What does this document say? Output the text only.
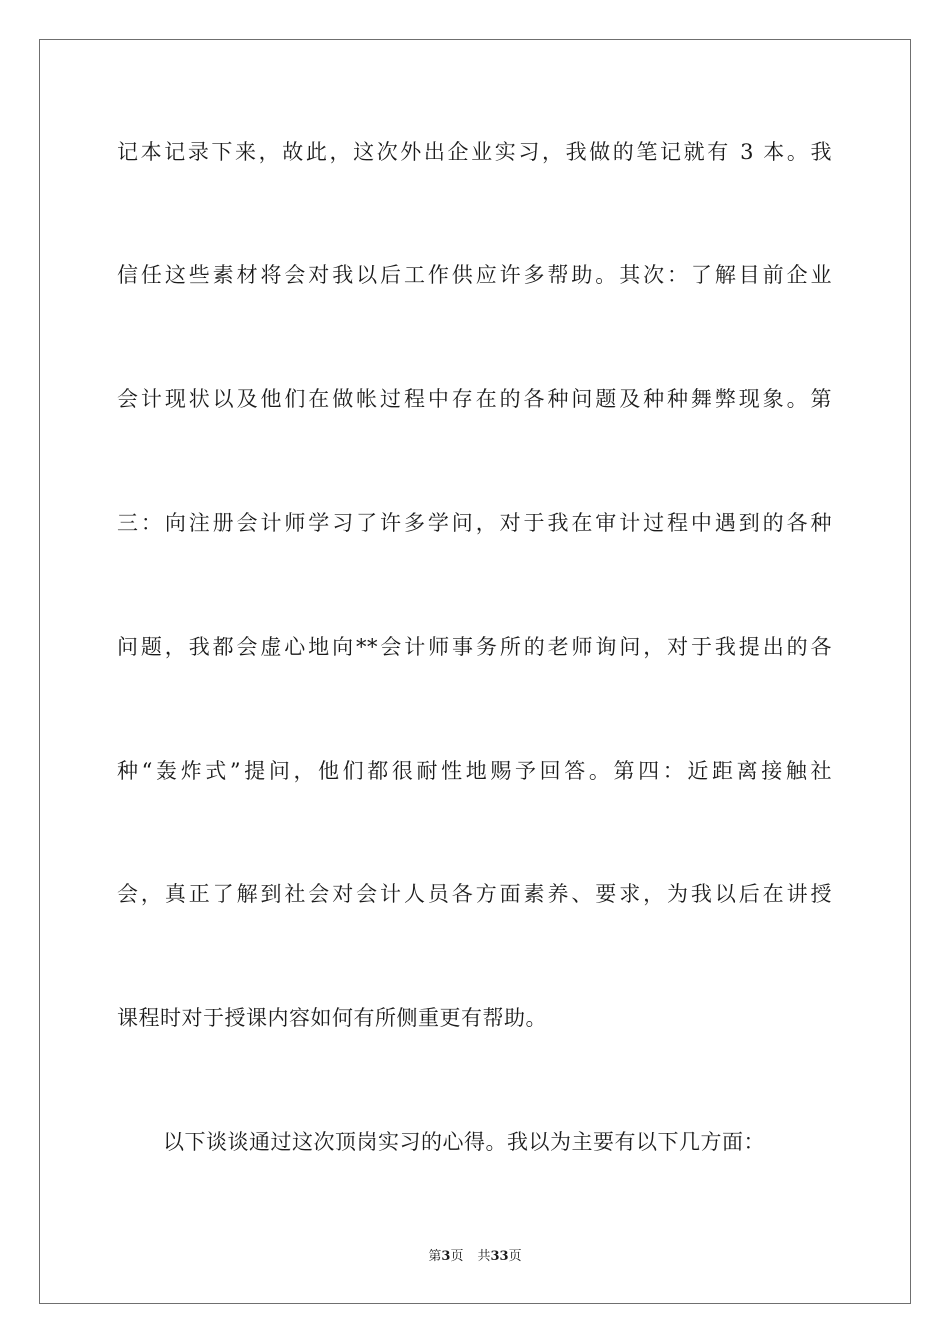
记本记录下来，故此，这次外出企业实习，我做的笔记就有 3 本。我

信任这些素材将会对我以后工作供应许多帮助。其次：了解目前企业

会计现状以及他们在做帐过程中存在的各种问题及种种舞弊现象。第

三：向注册会计师学习了许多学问，对于我在审计过程中遇到的各种

问题，我都会虚心地向**会计师事务所的老师询问，对于我提出的各

种“轰炸式”提问，他们都很耐性地赐予回答。第四：近距离接触社

会，真正了解到社会对会计人员各方面素养、要求，为我以后在讲授

课程时对于授课内容如何有所侧重更有帮助。

以下谈谈通过这次顶岗实习的心得。我以为主要有以下几方面：

第3页 共33页
